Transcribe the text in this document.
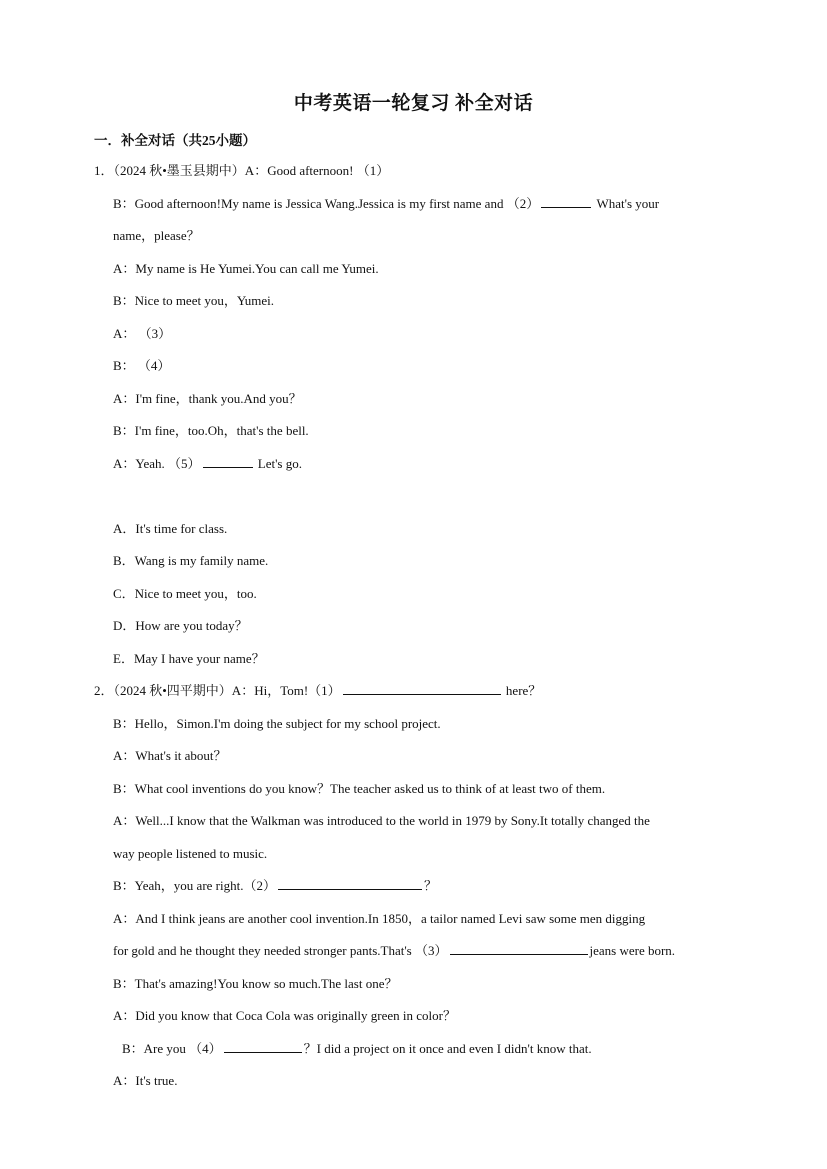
中考英语一轮复习 补全对话
一．补全对话（共25小题）
1．（2024 秋•墨玉县期中）A：Good afternoon! （1）
B：Good afternoon!My name is Jessica Wang.Jessica is my first name and （2）	What's your
name，please？
A：My name is He Yumei.You can call me Yumei.
B：Nice to meet you，Yumei.
A： （3）
B： （4）
A：I'm fine，thank you.And you？
B：I'm fine，too.Oh，that's the bell.
A：Yeah. （5）	Let's go.
A．It's time for class.
B．Wang is my family name.
C．Nice to meet you，too.
D．How are you today？
E．May I have your name？
2．（2024 秋•四平期中）A：Hi，Tom!（1）	here？
B：Hello，Simon.I'm doing the subject for my school project.
A：What's it about？
B：What cool inventions do you know？The teacher asked us to think of at least two of them.
A：Well...I know that the Walkman was introduced to the world in 1979 by Sony.It totally changed the
way people listened to music.
B：Yeah，you are right.（2）	？
A：And I think jeans are another cool invention.In 1850，a tailor named Levi saw some men digging
for gold and he thought they needed stronger pants.That's （3）	jeans were born.
B：That's amazing!You know so much.The last one？
A：Did you know that Coca Cola was originally green in color？
B：Are you （4）	？I did a project on it once and even I didn't know that.
A：It's true.
